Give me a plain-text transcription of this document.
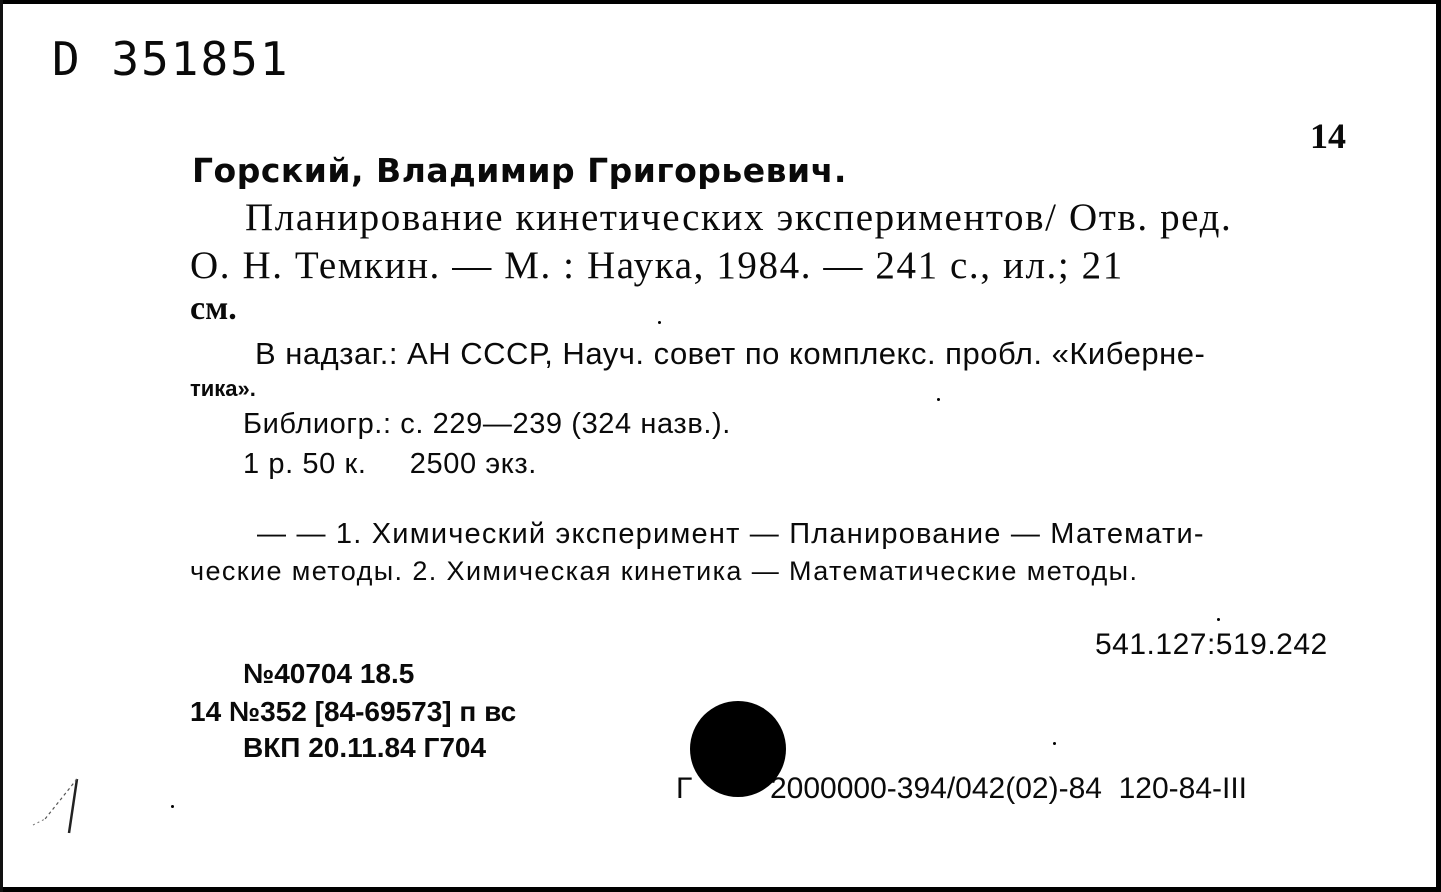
D 351851
14
Горский, Владимир Григорьевич.
Планирование кинетических экспериментов/ Отв. ред.
О. Н. Темкин. — М. : Наука, 1984. — 241 с., ил.; 21
см.
В надзаг.: АН СССР, Науч. совет по комплекс. пробл. «Киберне-
тика».
Библиогр.: с. 229—239 (324 назв.).
1 р. 50 к.     2500 экз.
— — 1. Химический эксперимент — Планирование — Математи-
ческие методы. 2. Химическая кинетика — Математические методы.
541.127:519.242
№40704 18.5
14 №352 [84-69573] п вс
ВКП 20.11.84 Г704
Г	2000000-394/042(02)-84  120-84-III
